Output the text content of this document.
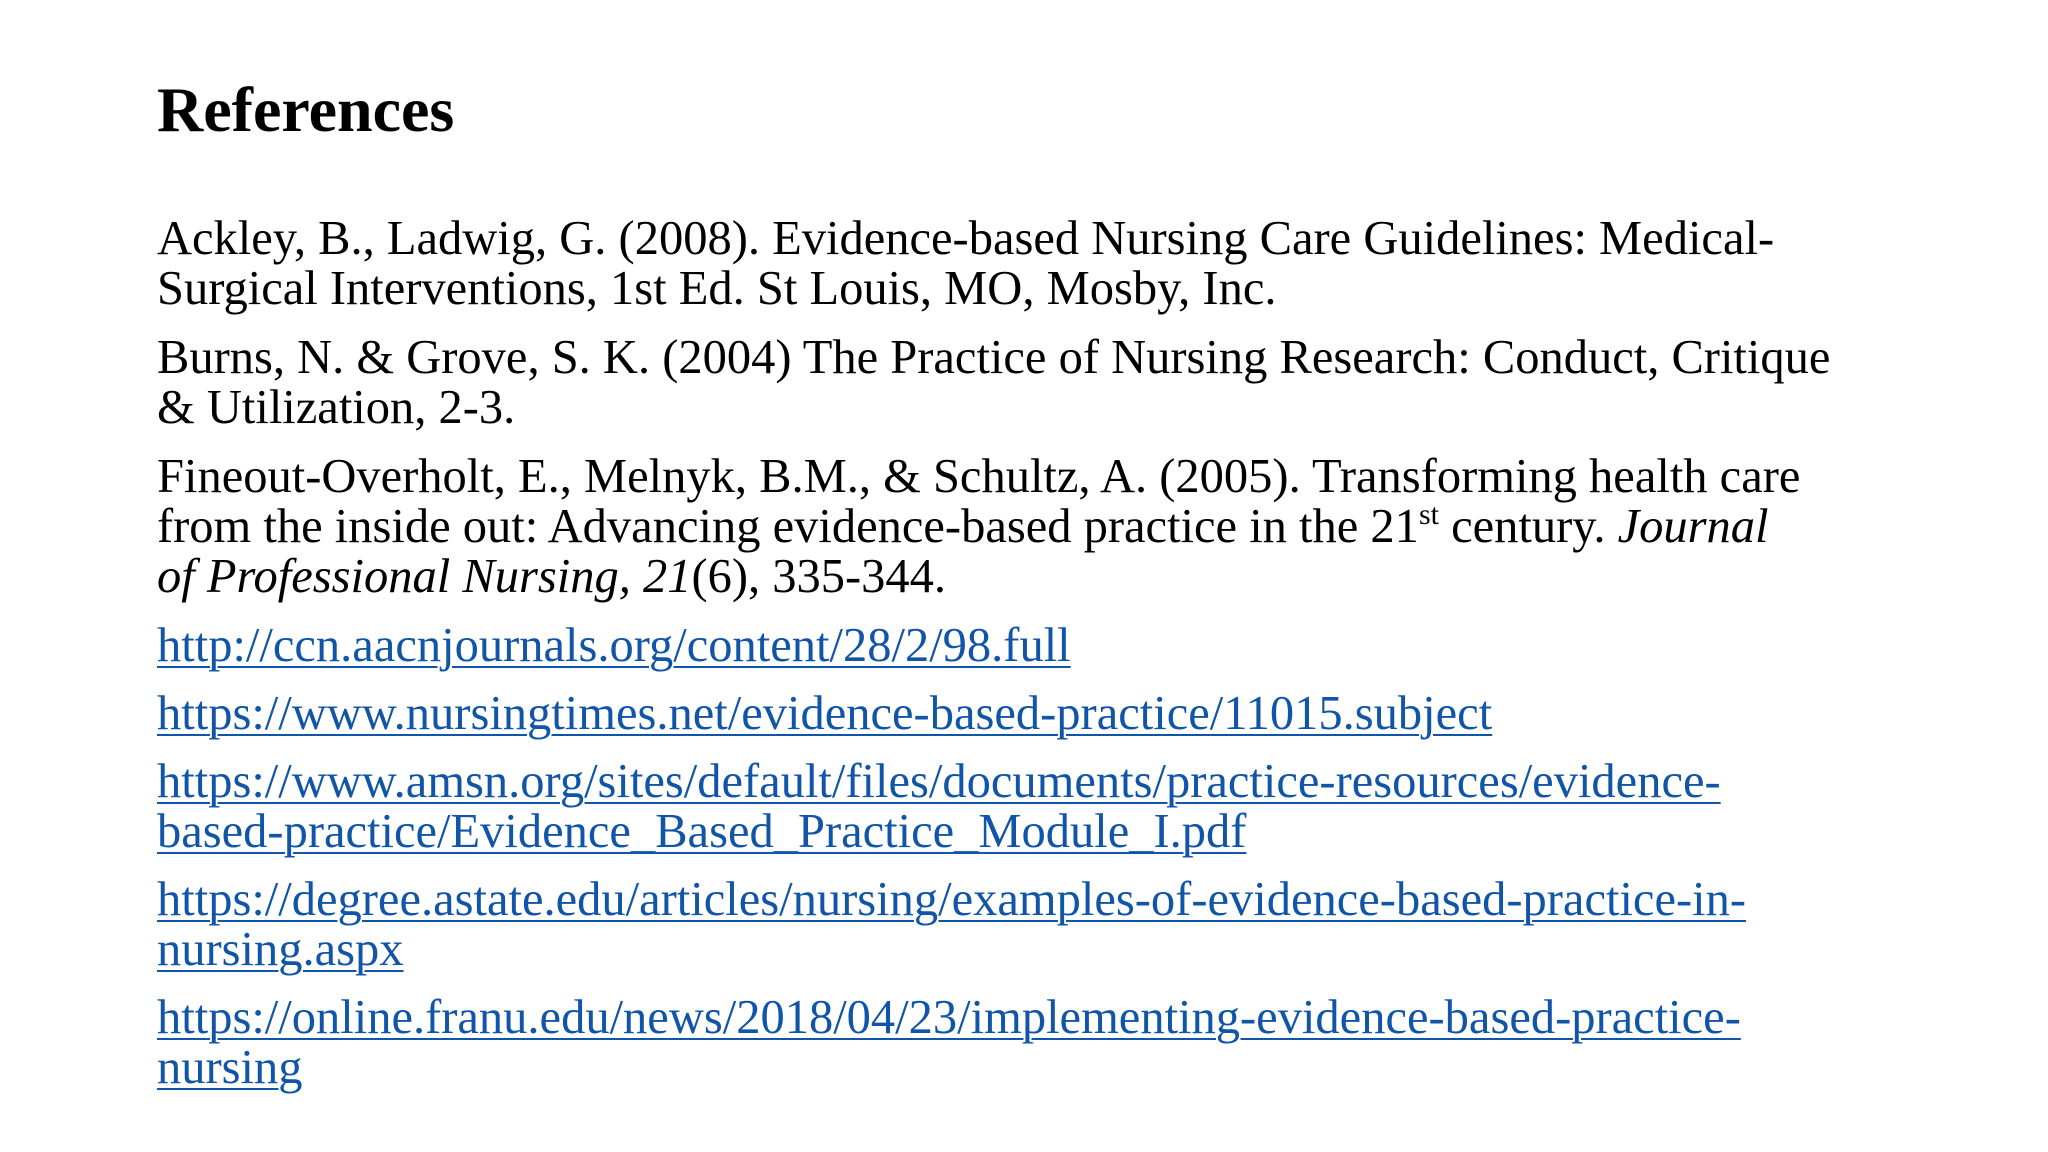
References
Ackley, B., Ladwig, G. (2008). Evidence-based Nursing Care Guidelines: Medical-
Surgical Interventions, 1st Ed. St Louis, MO, Mosby, Inc.
Burns, N. & Grove, S. K. (2004) The Practice of Nursing Research: Conduct, Critique
& Utilization, 2-3.
Fineout-Overholt, E., Melnyk, B.M., & Schultz, A. (2005). Transforming health care
from the inside out: Advancing evidence-based practice in the 21st century. Journal
of Professional Nursing, 21(6), 335-344.
http://ccn.aacnjournals.org/content/28/2/98.full
https://www.nursingtimes.net/evidence-based-practice/11015.subject
https://www.amsn.org/sites/default/files/documents/practice-resources/evidence-
based-practice/Evidence_Based_Practice_Module_I.pdf
https://degree.astate.edu/articles/nursing/examples-of-evidence-based-practice-in-
nursing.aspx
https://online.franu.edu/news/2018/04/23/implementing-evidence-based-practice-
nursing
